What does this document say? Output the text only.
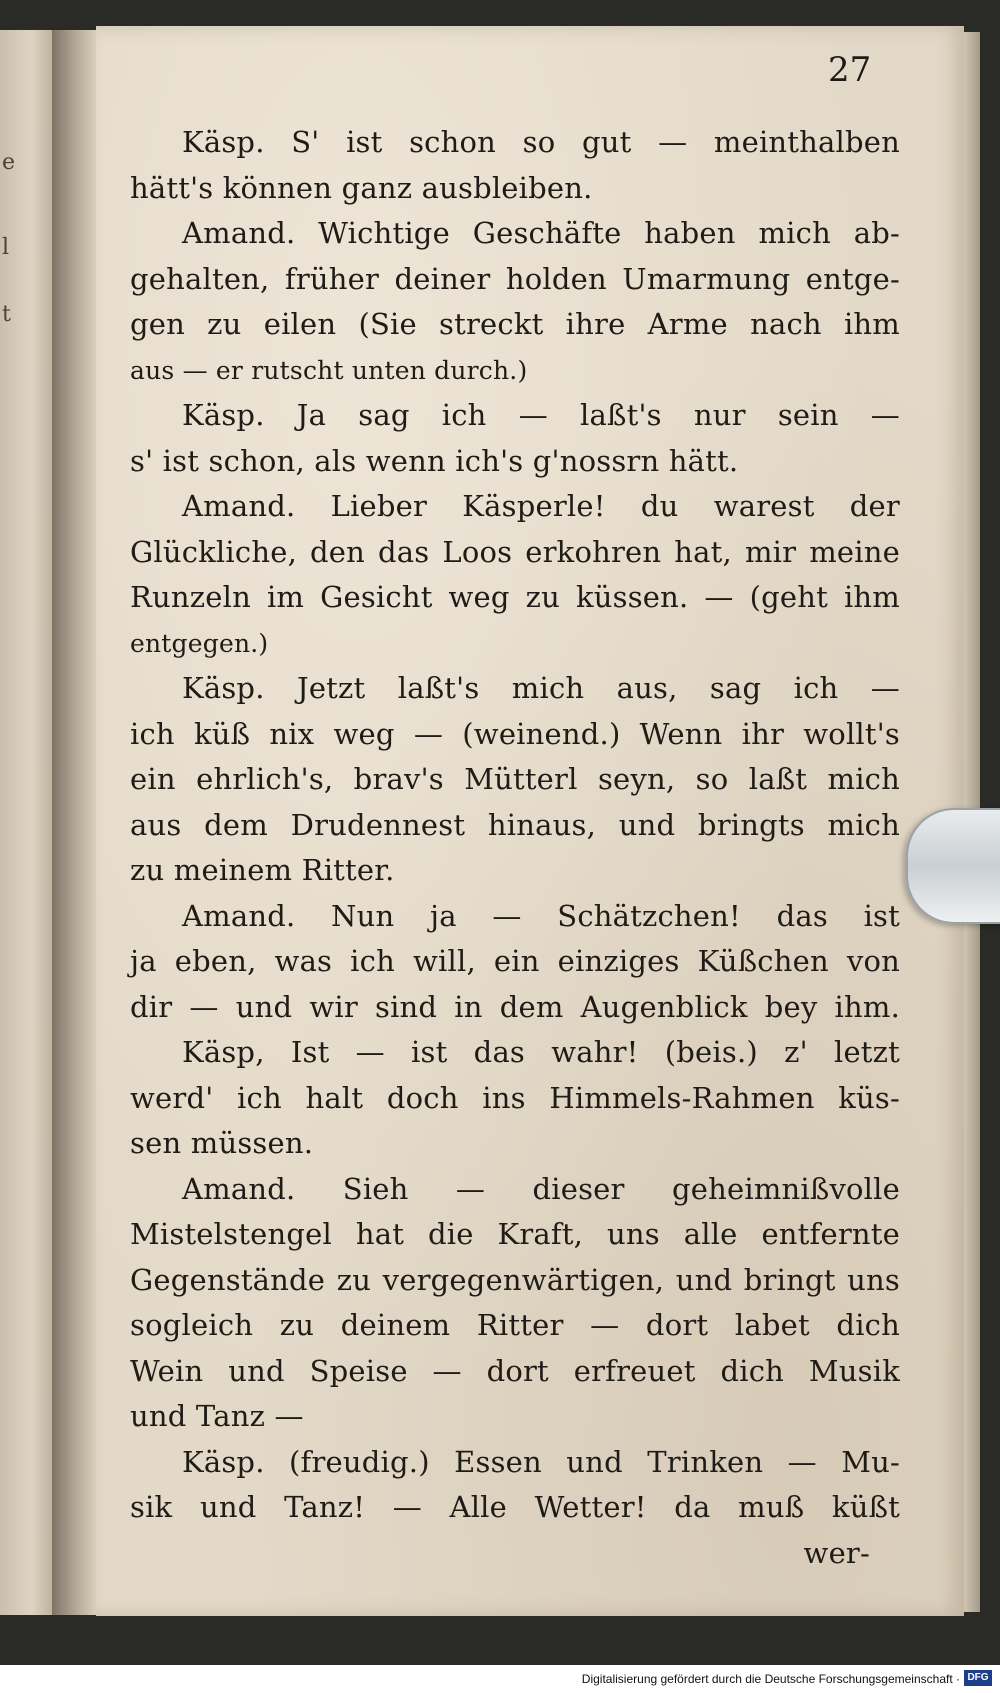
e
l
t
27
Käsp. S' ist schon so gut — meinthalben
hätt's können ganz ausbleiben.
Amand. Wichtige Geschäfte haben mich ab-
gehalten, früher deiner holden Umarmung entge-
gen zu eilen (Sie streckt ihre Arme nach ihm
aus — er rutscht unten durch.)
Käsp. Ja sag ich — laßt's nur sein —
s' ist schon, als wenn ich's g'nossrn hätt.
Amand. Lieber Käsperle! du warest der
Glückliche, den das Loos erkohren hat, mir meine
Runzeln im Gesicht weg zu küssen. — (geht ihm
entgegen.)
Käsp. Jetzt laßt's mich aus, sag ich —
ich küß nix weg — (weinend.) Wenn ihr wollt's
ein ehrlich's, brav's Mütterl seyn, so laßt mich
aus dem Drudennest hinaus, und bringts mich
zu meinem Ritter.
Amand. Nun ja — Schätzchen! das ist
ja eben, was ich will, ein einziges Küßchen von
dir — und wir sind in dem Augenblick bey ihm.
Käsp, Ist — ist das wahr! (beis.) z' letzt
werd' ich halt doch ins Himmels-Rahmen küs-
sen müssen.
Amand. Sieh — dieser geheimnißvolle
Mistelstengel hat die Kraft, uns alle entfernte
Gegenstände zu vergegenwärtigen, und bringt uns
sogleich zu deinem Ritter — dort labet dich
Wein und Speise — dort erfreuet dich Musik
und Tanz —
Käsp. (freudig.) Essen und Trinken — Mu-
sik und Tanz! — Alle Wetter! da muß küßt
wer-
Digitalisierung gefördert durch die Deutsche Forschungsgemeinschaft · DFG
